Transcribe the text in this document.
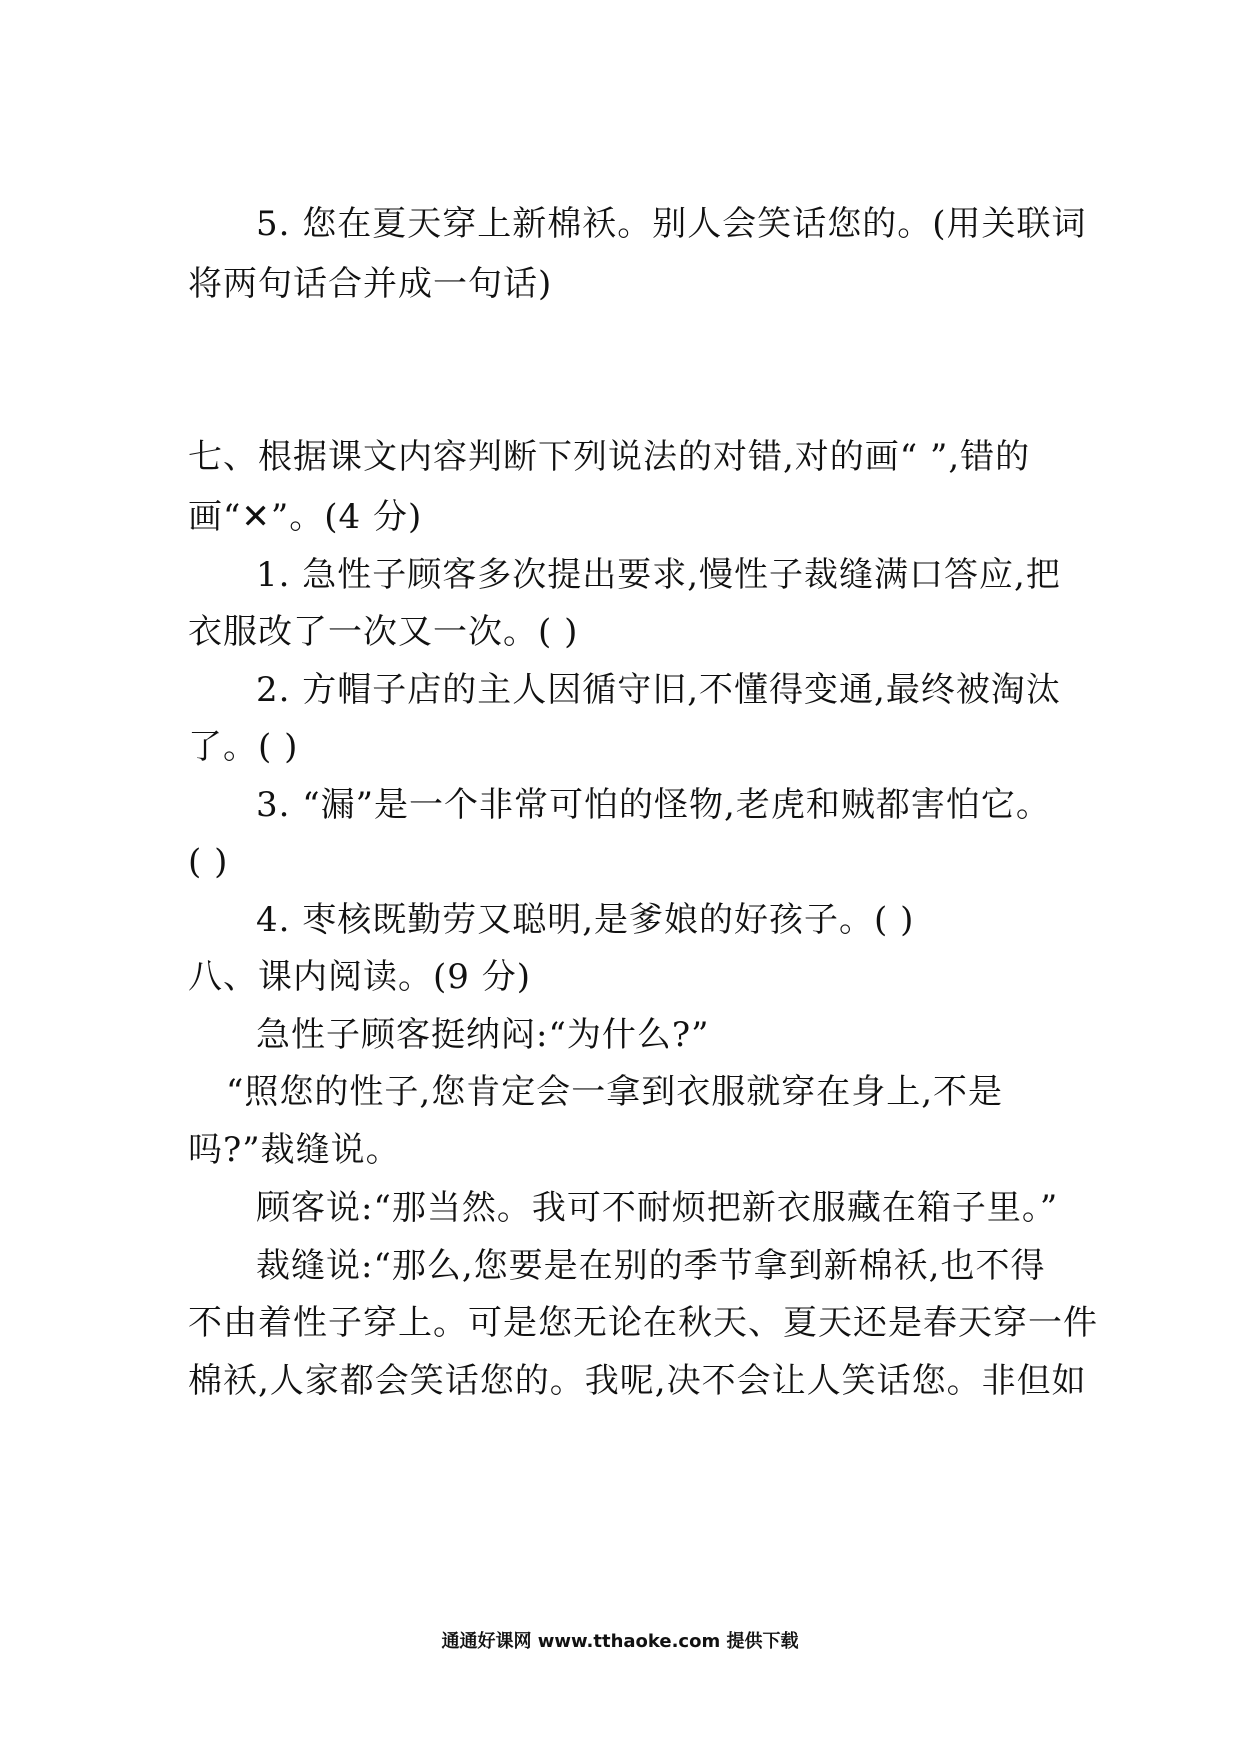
5. 您在夏天穿上新棉袄。别人会笑话您的。(用关联词
将两句话合并成一句话)
七、根据课文内容判断下列说法的对错,对的画“ ”,错的
画“✕”。(4 分)
1. 急性子顾客多次提出要求,慢性子裁缝满口答应,把
衣服改了一次又一次。( )
2. 方帽子店的主人因循守旧,不懂得变通,最终被淘汰
了。( )
3. “漏”是一个非常可怕的怪物,老虎和贼都害怕它。
( )
4. 枣核既勤劳又聪明,是爹娘的好孩子。( )
八、课内阅读。(9 分)
急性子顾客挺纳闷:“为什么?”
“照您的性子,您肯定会一拿到衣服就穿在身上,不是
吗?”裁缝说。
顾客说:“那当然。我可不耐烦把新衣服藏在箱子里。”
裁缝说:“那么,您要是在别的季节拿到新棉袄,也不得
不由着性子穿上。可是您无论在秋天、夏天还是春天穿一件
棉袄,人家都会笑话您的。我呢,决不会让人笑话您。非但如
通通好课网 www.tthaoke.com 提供下载
